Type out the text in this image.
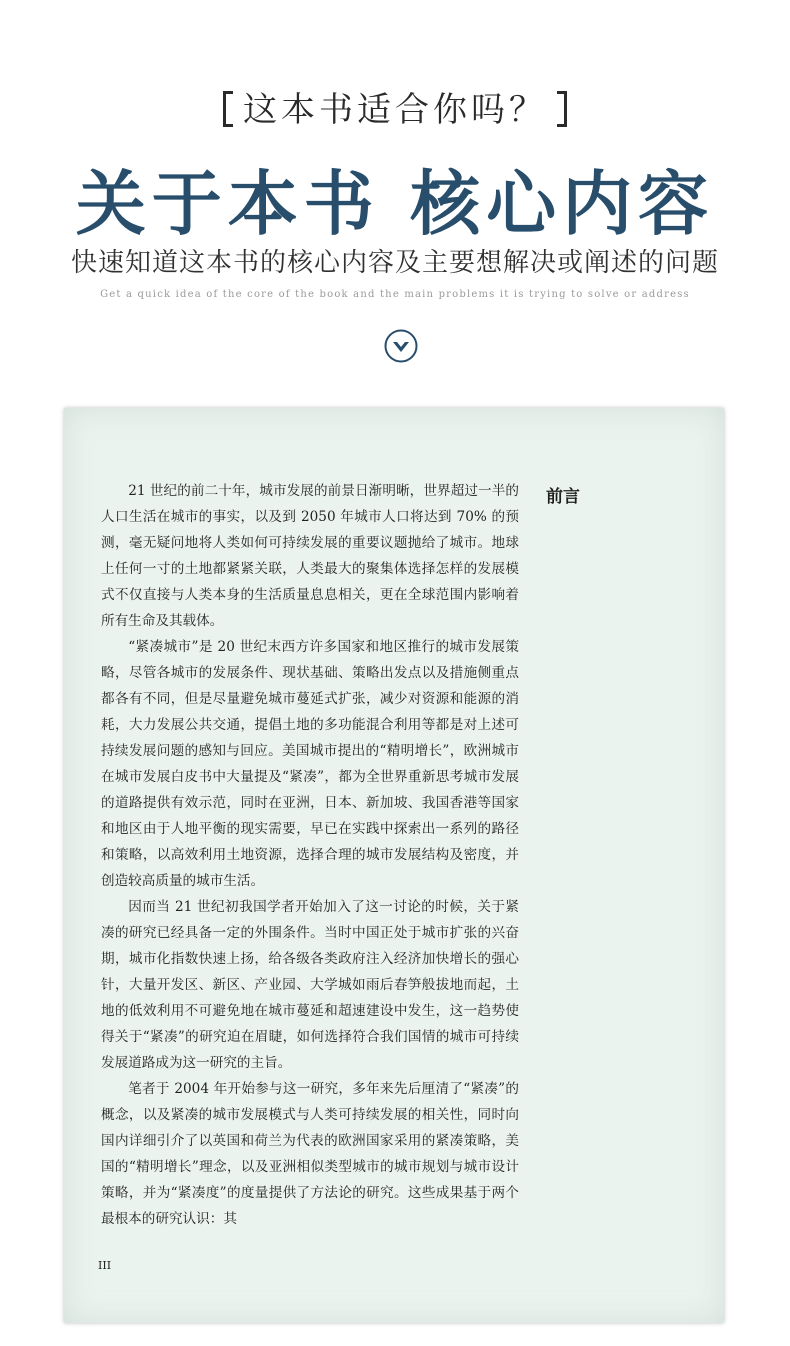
这本书适合你吗？
关于本书 核心内容
快速知道这本书的核心内容及主要想解决或阐述的问题
Get a quick idea of the core of the book and the main problems it is trying to solve or address
前言

21 世纪的前二十年，城市发展的前景日渐明晰，世界超过一半的人口生活在城市的事实，以及到 2050 年城市人口将达到 70% 的预测，毫无疑问地将人类如何可持续发展的重要议题抛给了城市。地球上任何一寸的土地都紧紧关联，人类最大的聚集体选择怎样的发展模式不仅直接与人类本身的生活质量息息相关，更在全球范围内影响着所有生命及其载体。

“紧凑城市”是 20 世纪末西方许多国家和地区推行的城市发展策略，尽管各城市的发展条件、现状基础、策略出发点以及措施侧重点都各有不同，但是尽量避免城市蔓延式扩张，减少对资源和能源的消耗，大力发展公共交通，提倡土地的多功能混合利用等都是对上述可持续发展问题的感知与回应。美国城市提出的“精明增长”，欧洲城市在城市发展白皮书中大量提及“紧凑”，都为全世界重新思考城市发展的道路提供有效示范，同时在亚洲，日本、新加坡、我国香港等国家和地区由于人地平衡的现实需要，早已在实践中探索出一系列的路径和策略，以高效利用土地资源，选择合理的城市发展结构及密度，并创造较高质量的城市生活。

因而当 21 世纪初我国学者开始加入了这一讨论的时候，关于紧凑的研究已经具备一定的外围条件。当时中国正处于城市扩张的兴奋期，城市化指数快速上扬，给各级各类政府注入经济加快增长的强心针，大量开发区、新区、产业园、大学城如雨后春笋般拔地而起，土地的低效利用不可避免地在城市蔓延和超速建设中发生，这一趋势使得关于“紧凑”的研究迫在眉睫，如何选择符合我们国情的城市可持续发展道路成为这一研究的主旨。

笔者于 2004 年开始参与这一研究，多年来先后厘清了“紧凑”的概念，以及紧凑的城市发展模式与人类可持续发展的相关性，同时向国内详细引介了以英国和荷兰为代表的欧洲国家采用的紧凑策略，美国的“精明增长”理念，以及亚洲相似类型城市的城市规划与城市设计策略，并为“紧凑度”的度量提供了方法论的研究。这些成果基于两个最根本的研究认识：其

III
